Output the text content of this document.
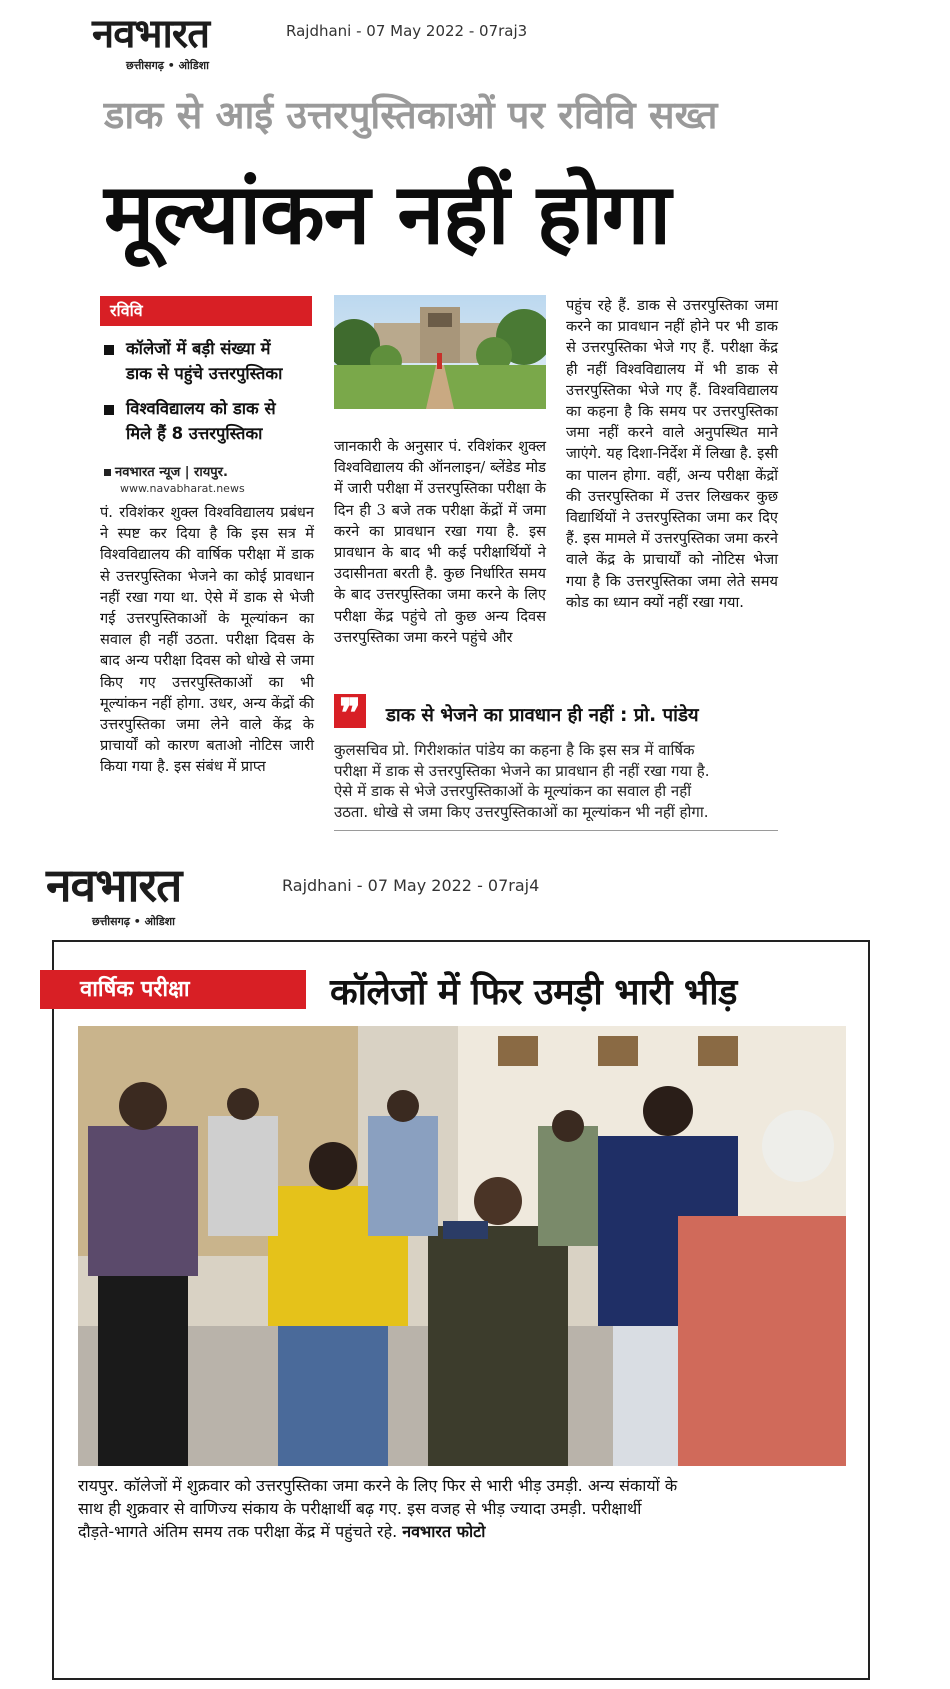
नवभारत
छत्तीसगढ़ • ओडिशा
Rajdhani - 07 May 2022 - 07raj3
डाक से आई उत्तरपुस्तिकाओं पर रविवि सख्त
मूल्यांकन नहीं होगा
रविवि
कॉलेजों में बड़ी संख्या में
डाक से पहुंचे उत्तरपुस्तिका
विश्वविद्यालय को डाक से
मिले हैं 8 उत्तरपुस्तिका
नवभारत न्यूज | रायपुर.
www.navabharat.news

पं. रविशंकर शुक्ल विश्वविद्यालय प्रबंधन ने स्पष्ट कर दिया है कि इस सत्र में विश्वविद्यालय की वार्षिक परीक्षा में डाक से उत्तरपुस्तिका भेजने का कोई प्रावधान नहीं रखा गया था. ऐसे में डाक से भेजी गई उत्तरपुस्तिकाओं के मूल्यांकन का सवाल ही नहीं उठता. परीक्षा दिवस के बाद अन्य परीक्षा दिवस को धोखे से जमा किए गए उत्तरपुस्तिकाओं का भी मूल्यांकन नहीं होगा. उधर, अन्य केंद्रों की उत्तरपुस्तिका जमा लेने वाले केंद्र के प्राचार्यों को कारण बताओ नोटिस जारी किया गया है. इस संबंध में प्राप्त

जानकारी के अनुसार पं. रविशंकर शुक्ल विश्वविद्यालय की ऑनलाइन/ ब्लेंडेड मोड में जारी परीक्षा में उत्तरपुस्तिका परीक्षा के दिन ही 3 बजे तक परीक्षा केंद्रों में जमा करने का प्रावधान रखा गया है. इस प्रावधान के बाद भी कई परीक्षार्थियों ने उदासीनता बरती है. कुछ निर्धारित समय के बाद उत्तरपुस्तिका जमा करने के लिए परीक्षा केंद्र पहुंचे तो कुछ अन्य दिवस उत्तरपुस्तिका जमा करने पहुंचे और

पहुंच रहे हैं. डाक से उत्तरपुस्तिका जमा करने का प्रावधान नहीं होने पर भी डाक से उत्तरपुस्तिका भेजे गए हैं. परीक्षा केंद्र ही नहीं विश्वविद्यालय में भी डाक से उत्तरपुस्तिका भेजे गए हैं. विश्वविद्यालय का कहना है कि समय पर उत्तरपुस्तिका जमा नहीं करने वाले अनुपस्थित माने जाएंगे. यह दिशा-निर्देश में लिखा है. इसी का पालन होगा. वहीं, अन्य परीक्षा केंद्रों की उत्तरपुस्तिका में उत्तर लिखकर कुछ विद्यार्थियों ने उत्तरपुस्तिका जमा कर दिए हैं. इस मामले में उत्तरपुस्तिका जमा करने वाले केंद्र के प्राचार्यों को नोटिस भेजा गया है कि उत्तरपुस्तिका जमा लेते समय कोड का ध्यान क्यों नहीं रखा गया.

❞ डाक से भेजने का प्रावधान ही नहीं : प्रो. पांडेय
कुलसचिव प्रो. गिरीशकांत पांडेय का कहना है कि इस सत्र में वार्षिक
परीक्षा में डाक से उत्तरपुस्तिका भेजने का प्रावधान ही नहीं रखा गया है.
ऐसे में डाक से भेजे उत्तरपुस्तिकाओं के मूल्यांकन का सवाल ही नहीं
उठता. धोखे से जमा किए उत्तरपुस्तिकाओं का मूल्यांकन भी नहीं होगा.
नवभारत
छत्तीसगढ़ • ओडिशा
Rajdhani - 07 May 2022 - 07raj4
वार्षिक परीक्षा	कॉलेजों में फिर उमड़ी भारी भीड़
रायपुर. कॉलेजों में शुक्रवार को उत्तरपुस्तिका जमा करने के लिए फिर से भारी भीड़ उमड़ी. अन्य संकायों के
साथ ही शुक्रवार से वाणिज्य संकाय के परीक्षार्थी बढ़ गए. इस वजह से भीड़ ज्यादा उमड़ी. परीक्षार्थी
दौड़ते-भागते अंतिम समय तक परीक्षा केंद्र में पहुंचते रहे. नवभारत फोटो
